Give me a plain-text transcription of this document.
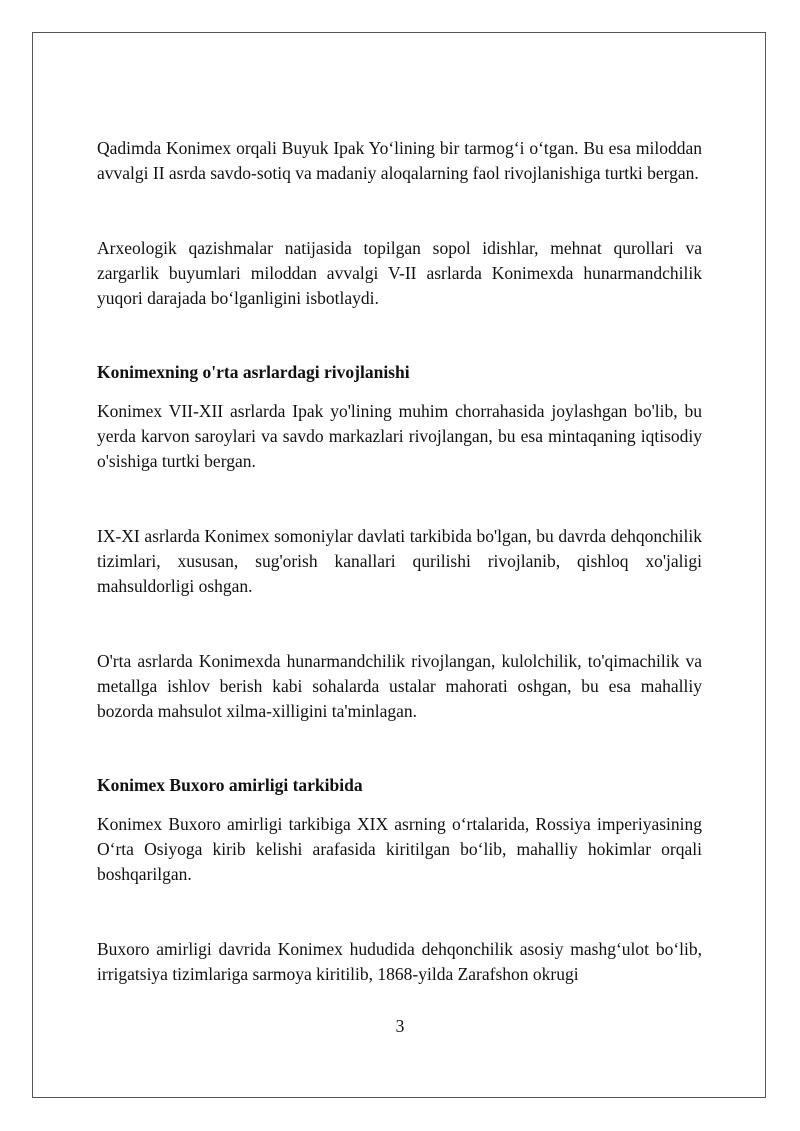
Qadimda Konimex orqali Buyuk Ipak Yo‘lining bir tarmog‘i o‘tgan. Bu esa miloddan avvalgi II asrda savdo-sotiq va madaniy aloqalarning faol rivojlanishiga turtki bergan.

Arxeologik qazishmalar natijasida topilgan sopol idishlar, mehnat qurollari va zargarlik buyumlari miloddan avvalgi V-II asrlarda Konimexda hunarmandchilik yuqori darajada bo‘lganligini isbotlaydi.

Konimexning o'rta asrlardagi rivojlanishi

Konimex VII-XII asrlarda Ipak yo'lining muhim chorrahasida joylashgan bo'lib, bu yerda karvon saroylari va savdo markazlari rivojlangan, bu esa mintaqaning iqtisodiy o'sishiga turtki bergan.

IX-XI asrlarda Konimex somoniylar davlati tarkibida bo'lgan, bu davrda dehqonchilik tizimlari, xususan, sug'orish kanallari qurilishi rivojlanib, qishloq xo'jaligi mahsuldorligi oshgan.

O'rta asrlarda Konimexda hunarmandchilik rivojlangan, kulolchilik, to'qimachilik va metallga ishlov berish kabi sohalarda ustalar mahorati oshgan, bu esa mahalliy bozorda mahsulot xilma-xilligini ta'minlagan.

Konimex Buxoro amirligi tarkibida

Konimex Buxoro amirligi tarkibiga XIX asrning o‘rtalarida, Rossiya imperiyasining O‘rta Osiyoga kirib kelishi arafasida kiritilgan bo‘lib, mahalliy hokimlar orqali boshqarilgan.

Buxoro amirligi davrida Konimex hududida dehqonchilik asosiy mashg‘ulot bo‘lib, irrigatsiya tizimlariga sarmoya kiritilib, 1868-yilda Zarafshon okrugi

3
